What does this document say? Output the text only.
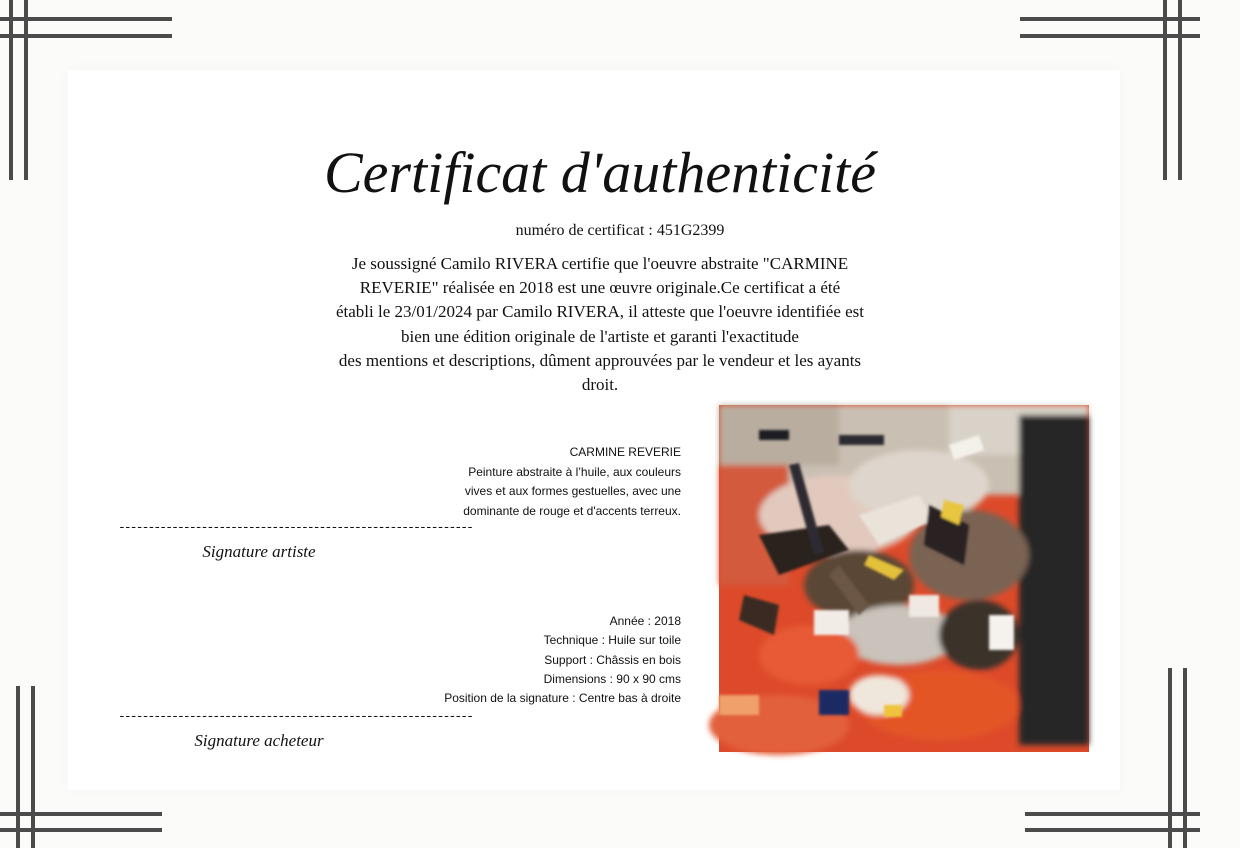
Certificat d'authenticité
numéro de certificat : 451G2399
Je soussigné Camilo RIVERA certifie que l'oeuvre abstraite "CARMINE
REVERIE" réalisée en 2018 est une œuvre originale.Ce certificat a été
établi le 23/01/2024 par Camilo RIVERA, il atteste que l'oeuvre identifiée est
bien une édition originale de l'artiste et garanti l'exactitude
des mentions et descriptions, dûment approuvées par le vendeur et les ayants
droit.
CARMINE REVERIE
Peinture abstraite à l’huile, aux couleurs
vives et aux formes gestuelles, avec une
dominante de rouge et d'accents terreux.
Année : 2018
Technique : Huile sur toile
Support : Châssis en bois
Dimensions : 90 x 90 cms
Position de la signature : Centre bas à droite
------------------------------------------------------------
Signature artiste
------------------------------------------------------------
Signature acheteur
